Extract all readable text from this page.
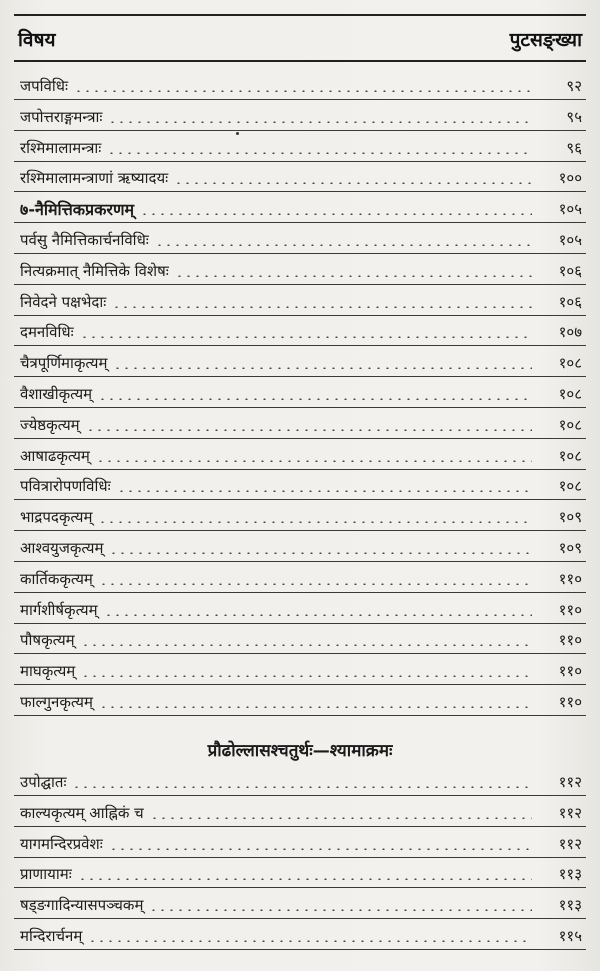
विषय	पुटसङ्ख्या
जपविधिः	९२
जपोत्तराङ्गमन्त्राः	९५
रश्मिमालामन्त्राः	९६
रश्मिमालामन्त्राणां ऋष्यादयः	१००
७-नैमित्तिकप्रकरणम्	१०५
पर्वसु नैमित्तिकार्चनविधिः	१०५
नित्यक्रमात् नैमित्तिके विशेषः	१०६
निवेदने पक्षभेदाः	१०६
दमनविधिः	१०७
चैत्रपूर्णिमाकृत्यम्	१०८
वैशाखीकृत्यम्	१०८
ज्येष्ठकृत्यम्	१०८
आषाढकृत्यम्	१०८
पवित्रारोपणविधिः	१०८
भाद्रपदकृत्यम्	१०९
आश्वयुजकृत्यम्	१०९
कार्तिककृत्यम्	११०
मार्गशीर्षकृत्यम्	११०
पौषकृत्यम्	११०
माघकृत्यम्	११०
फाल्गुनकृत्यम्	११०
प्रौढोल्लासश्चतुर्थः—श्यामाक्रमः
उपोद्घातः	११२
काल्यकृत्यम् आह्निकं च	११२
यागमन्दिरप्रवेशः	११२
प्राणायामः	११३
षड्ङगादिन्यासपञ्चकम्	११३
मन्दिरार्चनम्	११५
